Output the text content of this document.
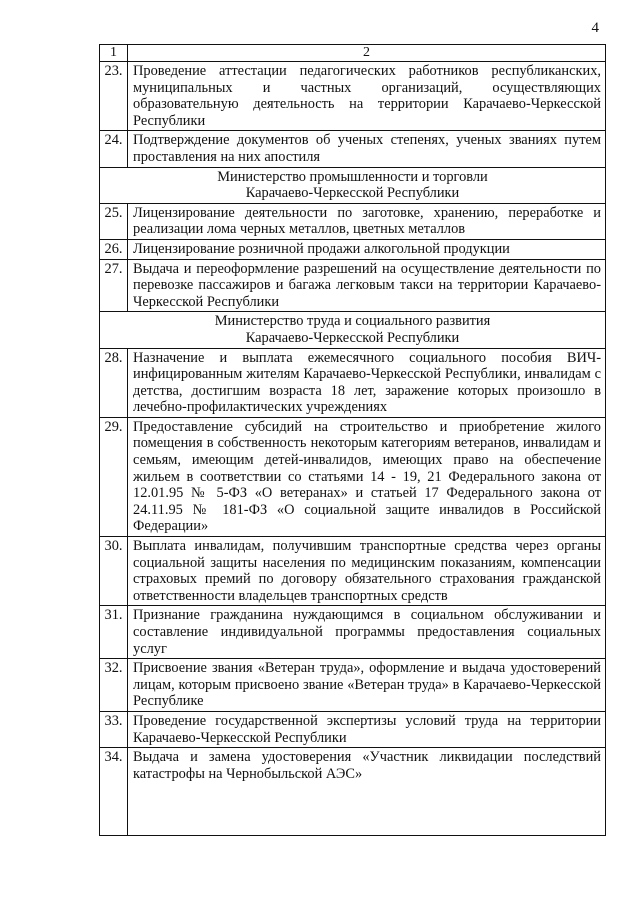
4
1	2
23.	Проведение аттестации педагогических работников республиканских, муниципальных и частных организаций, осуществляющих образовательную деятельность на территории Карачаево-Черкесской Республики
24.	Подтверждение документов об ученых степенях, ученых званиях путем проставления на них апостиля

Министерство промышленности и торговли
Карачаево-Черкесской Республики	

25.	Лицензирование деятельности по заготовке, хранению, переработке и реализации лома черных металлов, цветных металлов
26.	Лицензирование розничной продажи алкогольной продукции
27.	Выдача и переоформление разрешений на осуществление деятельности по перевозке пассажиров и багажа легковым такси на территории Карачаево-Черкесской Республики

Министерство труда и социального развития
Карачаево-Черкесской Республики	

28.	Назначение и выплата ежемесячного социального пособия ВИЧ-инфицированным жителям Карачаево-Черкесской Республики, инвалидам с детства, достигшим возраста 18 лет, заражение которых произошло в лечебно-профилактических учреждениях
29.	Предоставление субсидий на строительство и приобретение жилого помещения в собственность некоторым категориям ветеранов, инвалидам и семьям, имеющим детей-инвалидов, имеющих право на обеспечение жильем в соответствии со статьями 14 - 19, 21 Федерального закона от 12.01.95 № 5-ФЗ «О ветеранах» и статьей 17 Федерального закона от 24.11.95 № 181-ФЗ «О социальной защите инвалидов в Российской Федерации»
30.	Выплата инвалидам, получившим транспортные средства через органы социальной защиты населения по медицинским показаниям, компенсации страховых премий по договору обязательного страхования гражданской ответственности владельцев транспортных средств
31.	Признание гражданина нуждающимся в социальном обслуживании и составление индивидуальной программы предоставления социальных услуг
32.	Присвоение звания «Ветеран труда», оформление и выдача удостоверений лицам, которым присвоено звание «Ветеран труда» в Карачаево-Черкесской Республике
33.	Проведение государственной экспертизы условий труда на территории Карачаево-Черкесской Республики
34.	Выдача и замена удостоверения «Участник ликвидации последствий катастрофы на Чернобыльской АЭС»
